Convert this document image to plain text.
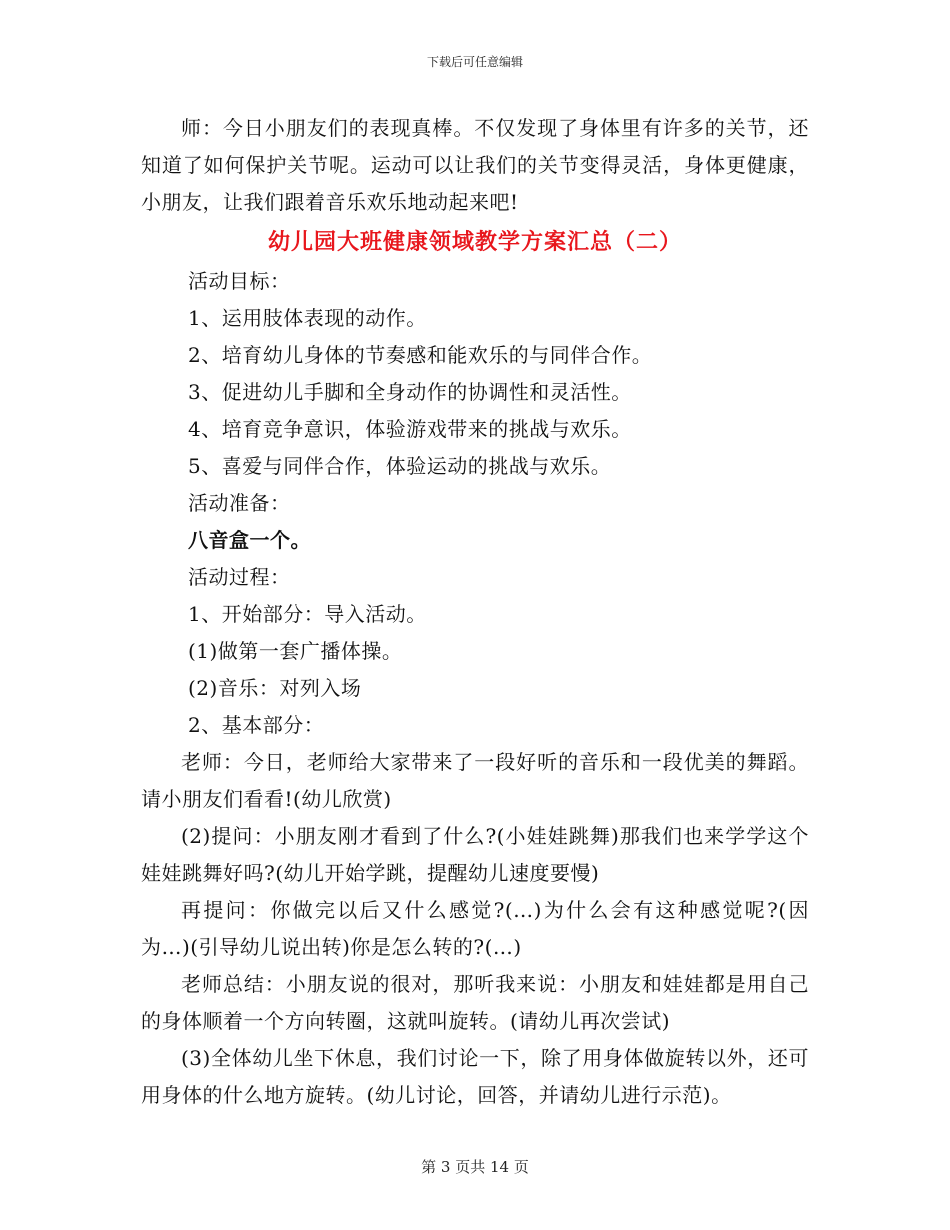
下载后可任意编辑

师：今日小朋友们的表现真棒。不仅发现了身体里有许多的关节，还知道了如何保护关节呢。运动可以让我们的关节变得灵活，身体更健康，小朋友，让我们跟着音乐欢乐地动起来吧!

幼儿园大班健康领域教学方案汇总（二）

活动目标：

1、运用肢体表现的动作。

2、培育幼儿身体的节奏感和能欢乐的与同伴合作。

3、促进幼儿手脚和全身动作的协调性和灵活性。

4、培育竞争意识，体验游戏带来的挑战与欢乐。

5、喜爱与同伴合作，体验运动的挑战与欢乐。

活动准备：

八音盒一个。

活动过程：

1、开始部分：导入活动。

(1)做第一套广播体操。

(2)音乐：对列入场

2、基本部分：

老师：今日，老师给大家带来了一段好听的音乐和一段优美的舞蹈。请小朋友们看看!(幼儿欣赏)

(2)提问：小朋友刚才看到了什么?(小娃娃跳舞)那我们也来学学这个娃娃跳舞好吗?(幼儿开始学跳，提醒幼儿速度要慢)

再提问：你做完以后又什么感觉?(…)为什么会有这种感觉呢?(因为…)(引导幼儿说出转)你是怎么转的?(…)

老师总结：小朋友说的很对，那听我来说：小朋友和娃娃都是用自己的身体顺着一个方向转圈，这就叫旋转。(请幼儿再次尝试)

(3)全体幼儿坐下休息，我们讨论一下，除了用身体做旋转以外，还可用身体的什么地方旋转。(幼儿讨论，回答，并请幼儿进行示范)。

第 3 页共 14 页
